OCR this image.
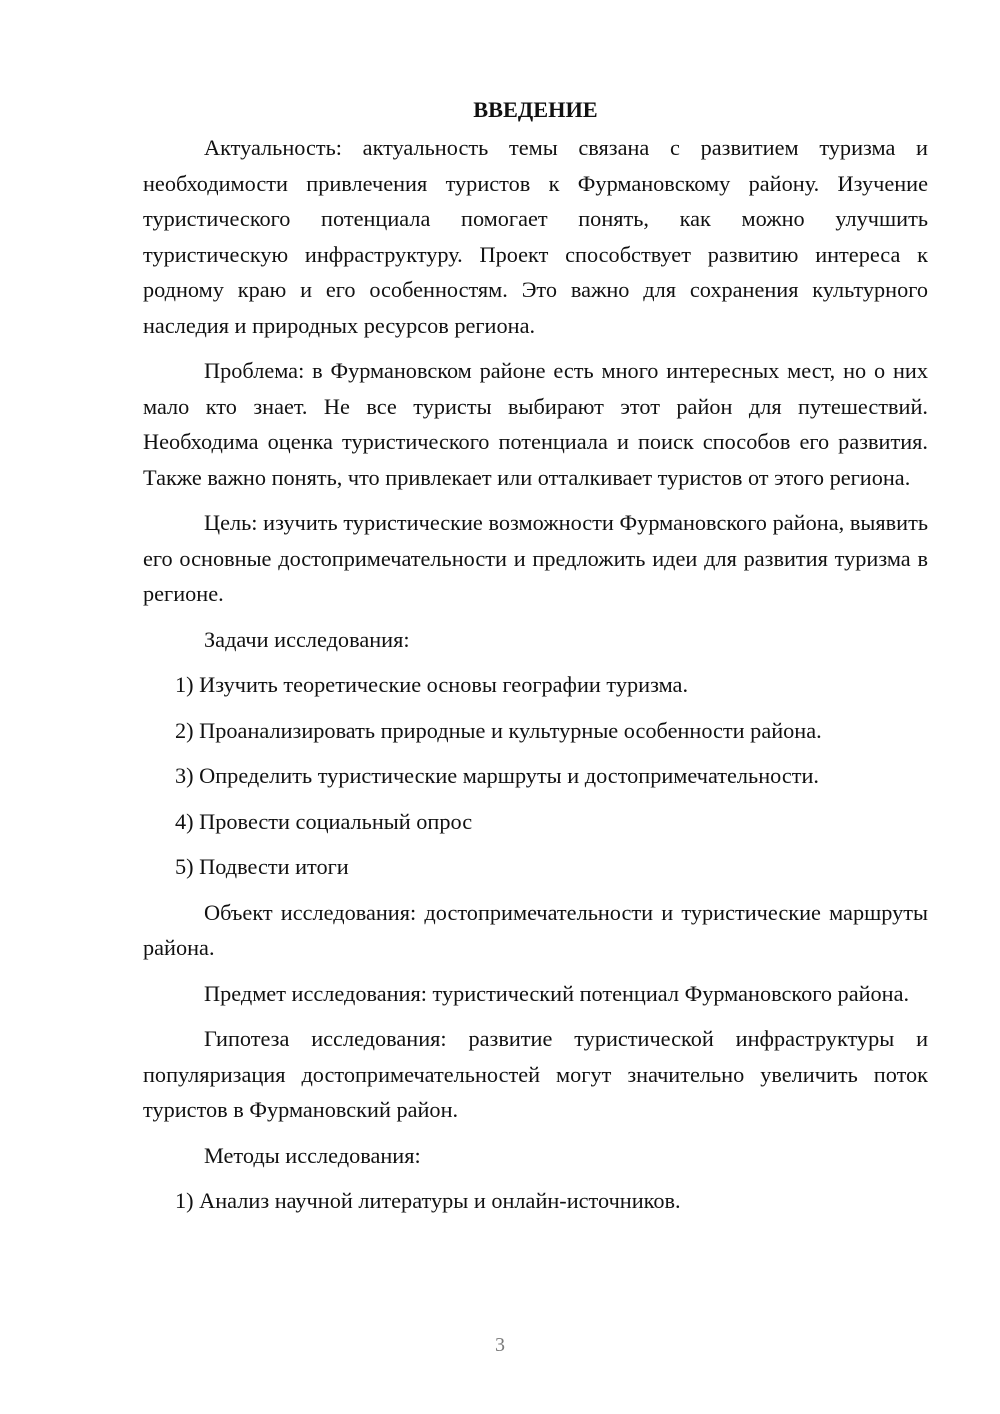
ВВЕДЕНИЕ

Актуальность: актуальность темы связана с развитием туризма и необходимости привлечения туристов к Фурмановскому району. Изучение туристического потенциала помогает понять, как можно улучшить туристическую инфраструктуру. Проект способствует развитию интереса к родному краю и его особенностям. Это важно для сохранения культурного наследия и природных ресурсов региона.

Проблема: в Фурмановском районе есть много интересных мест, но о них мало кто знает. Не все туристы выбирают этот район для путешествий. Необходима оценка туристического потенциала и поиск способов его развития. Также важно понять, что привлекает или отталкивает туристов от этого региона.

Цель: изучить туристические возможности Фурмановского района, выявить его основные достопримечательности и предложить идеи для развития туризма в регионе.

Задачи исследования:

1) Изучить теоретические основы географии туризма.
2) Проанализировать природные и культурные особенности района.
3) Определить туристические маршруты и достопримечательности.
4) Провести социальный опрос
5) Подвести итоги

Объект исследования: достопримечательности и туристические маршруты района.

Предмет исследования: туристический потенциал Фурмановского района.

Гипотеза исследования: развитие туристической инфраструктуры и популяризация достопримечательностей могут значительно увеличить поток туристов в Фурмановский район.

Методы исследования:

1) Анализ научной литературы и онлайн-источников.
3
